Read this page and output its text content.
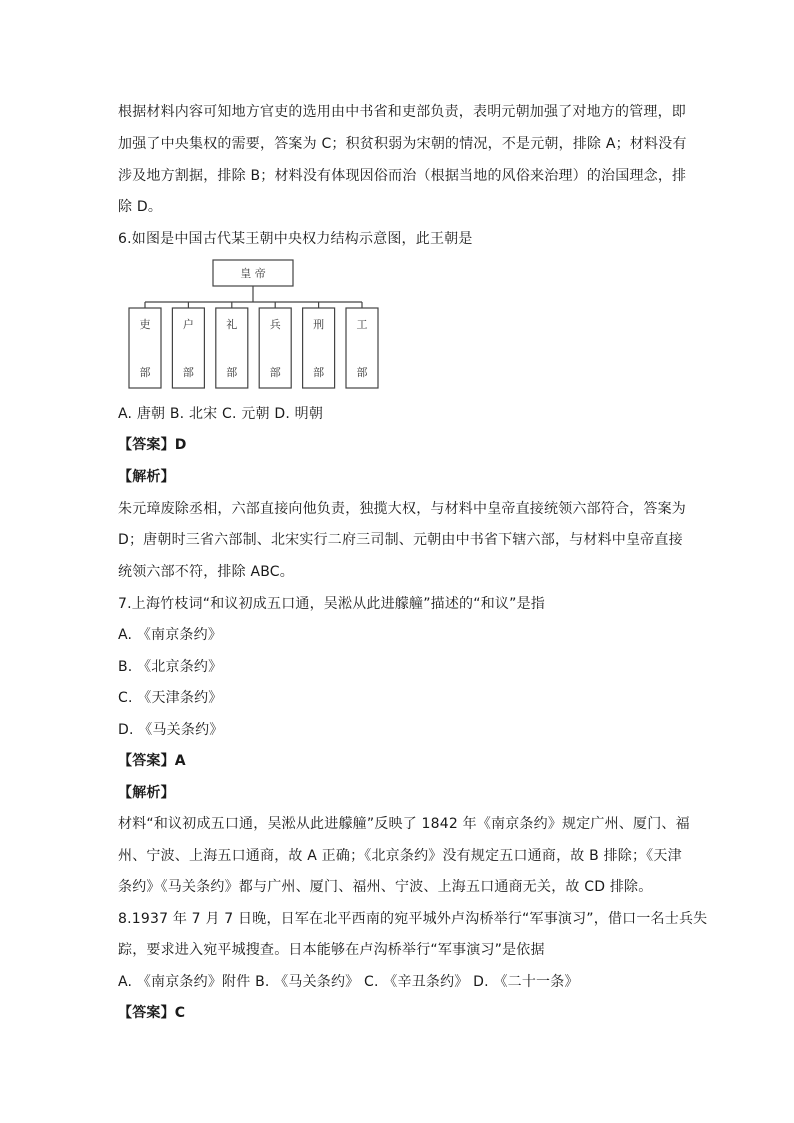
根据材料内容可知地方官吏的选用由中书省和吏部负责，表明元朝加强了对地方的管理，即
加强了中央集权的需要，答案为 C；积贫积弱为宋朝的情况，不是元朝，排除 A；材料没有
涉及地方割据，排除 B；材料没有体现因俗而治（根据当地的风俗来治理）的治国理念，排
除 D。
6.如图是中国古代某王朝中央权力结构示意图，此王朝是
皇 帝
吏
部
户
部
礼
部
兵
部
刑
部
工
部
A. 唐朝 B. 北宋 C. 元朝 D. 明朝
【答案】D
【解析】
朱元璋废除丞相，六部直接向他负责，独揽大权，与材料中皇帝直接统领六部符合，答案为
D；唐朝时三省六部制、北宋实行二府三司制、元朝由中书省下辖六部，与材料中皇帝直接
统领六部不符，排除 ABC。
7.上海竹枝词“和议初成五口通，吴淞从此进艨艟”描述的“和议”是指
A. 《南京条约》
B. 《北京条约》
C. 《天津条约》
D. 《马关条约》
【答案】A
【解析】
材料“和议初成五口通，吴淞从此进艨艟”反映了 1842 年《南京条约》规定广州、厦门、福
州、宁波、上海五口通商，故 A 正确；《北京条约》没有规定五口通商，故 B 排除；《天津
条约》《马关条约》都与广州、厦门、福州、宁波、上海五口通商无关，故 CD 排除。
8.1937 年 7 月 7 日晚，日军在北平西南的宛平城外卢沟桥举行“军事演习”，借口一名士兵失
踪，要求进入宛平城搜查。日本能够在卢沟桥举行“军事演习”是依据
A. 《南京条约》附件 B. 《马关条约》 C. 《辛丑条约》 D. 《二十一条》
【答案】C
